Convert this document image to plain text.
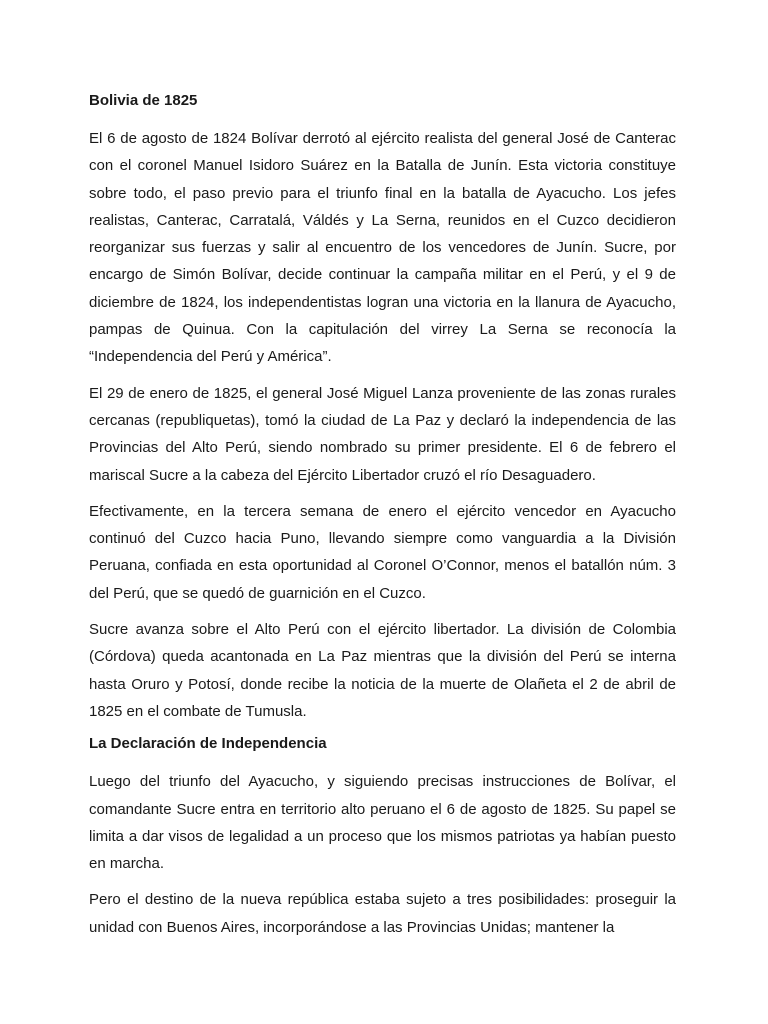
Bolivia de 1825

El 6 de agosto de 1824 Bolívar derrotó al ejército realista del general José de Canterac con el coronel Manuel Isidoro Suárez en la Batalla de Junín. Esta victoria constituye sobre todo, el paso previo para el triunfo final en la batalla de Ayacucho. Los jefes realistas, Canterac, Carratalá, Váldés y La Serna, reunidos en el Cuzco decidieron reorganizar sus fuerzas y salir al encuentro de los vencedores de Junín. Sucre, por encargo de Simón Bolívar, decide continuar la campaña militar en el Perú, y el 9 de diciembre de 1824, los independentistas logran una victoria en la llanura de Ayacucho, pampas de Quinua. Con la capitulación del virrey La Serna se reconocía la “Independencia del Perú y América”.

El 29 de enero de 1825, el general José Miguel Lanza proveniente de las zonas rurales cercanas (republiquetas), tomó la ciudad de La Paz y declaró la independencia de las Provincias del Alto Perú, siendo nombrado su primer presidente. El 6 de febrero el mariscal Sucre a la cabeza del Ejército Libertador cruzó el río Desaguadero.

Efectivamente, en la tercera semana de enero el ejército vencedor en Ayacucho continuó del Cuzco hacia Puno, llevando siempre como vanguardia a la División Peruana, confiada en esta oportunidad al Coronel O’Connor, menos el batallón núm. 3 del Perú, que se quedó de guarnición en el Cuzco.

Sucre avanza sobre el Alto Perú con el ejército libertador. La división de Colombia (Córdova) queda acantonada en La Paz mientras que la división del Perú se interna hasta Oruro y Potosí, donde recibe la noticia de la muerte de Olañeta el 2 de abril de 1825 en el combate de Tumusla.

La Declaración de Independencia

Luego del triunfo del Ayacucho, y siguiendo precisas instrucciones de Bolívar, el comandante Sucre entra en territorio alto peruano el 6 de agosto de 1825. Su papel se limita a dar visos de legalidad a un proceso que los mismos patriotas ya habían puesto en marcha.

Pero el destino de la nueva república estaba sujeto a tres posibilidades: proseguir la unidad con Buenos Aires, incorporándose a las Provincias Unidas; mantener la
